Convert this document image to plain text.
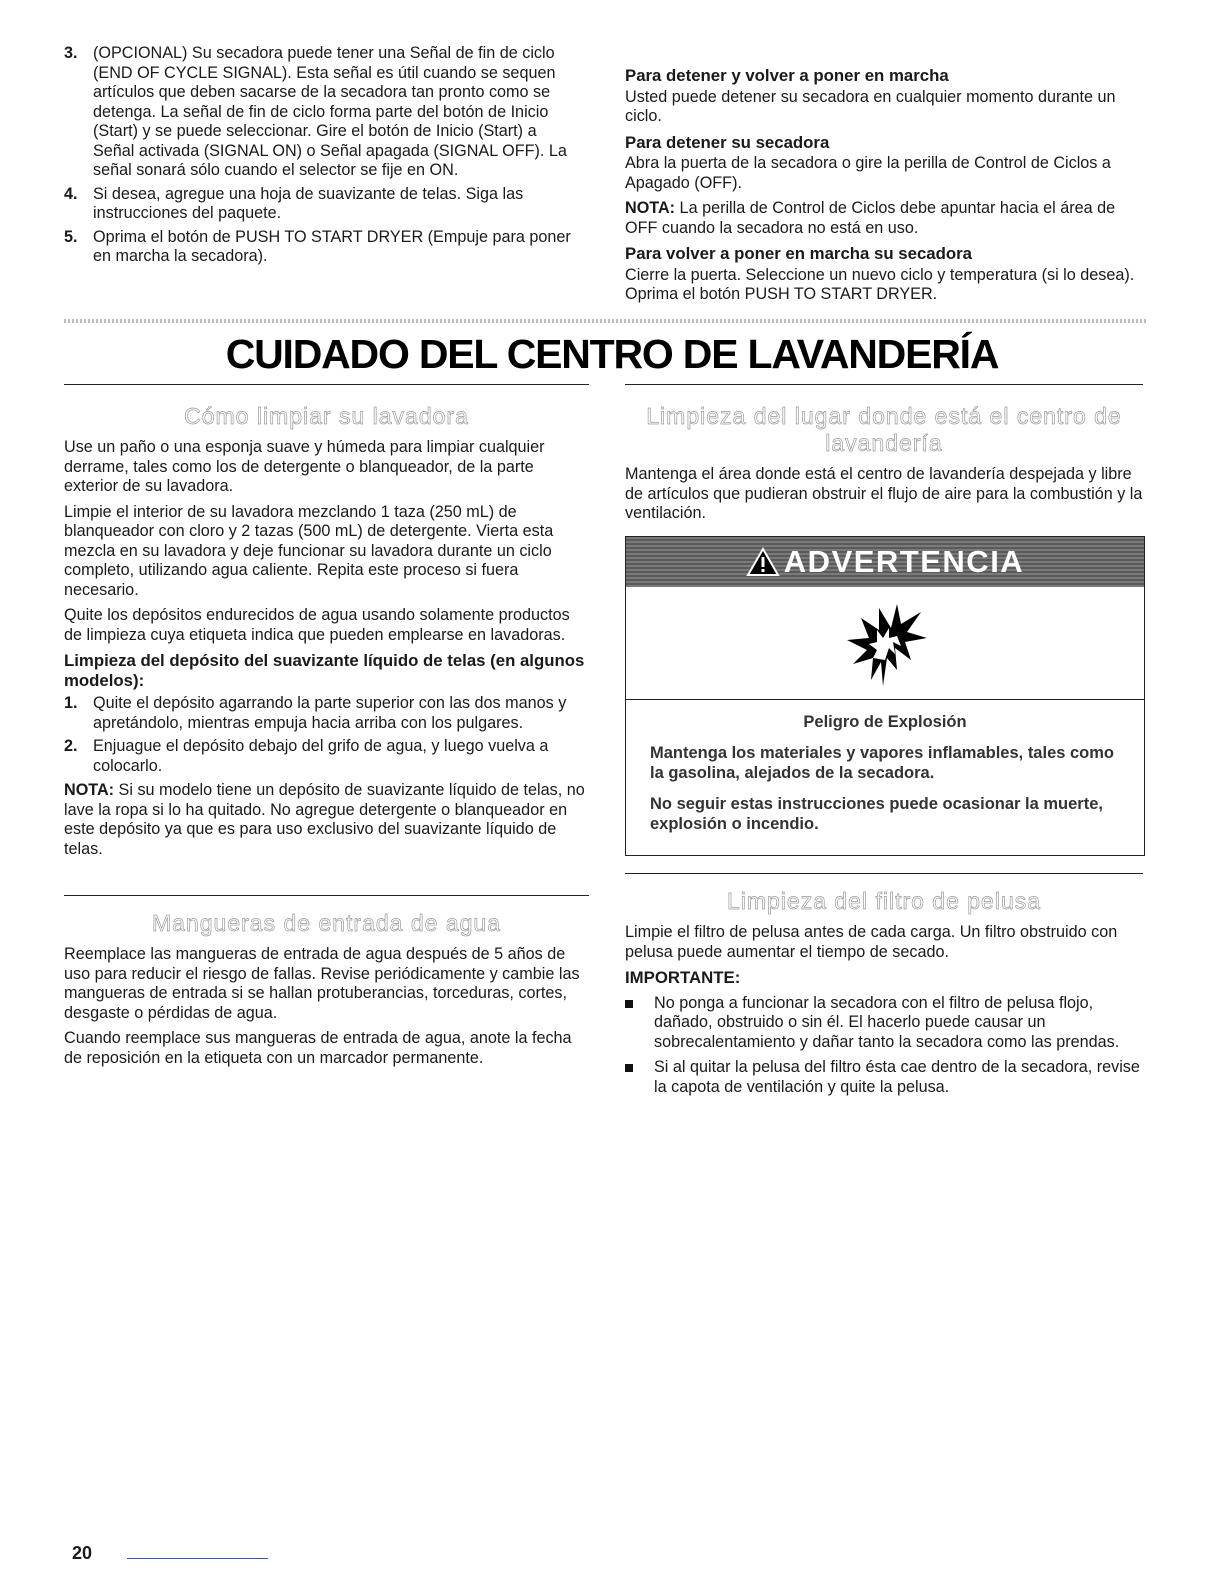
3. (OPCIONAL) Su secadora puede tener una Señal de fin de ciclo (END OF CYCLE SIGNAL). Esta señal es útil cuando se sequen artículos que deben sacarse de la secadora tan pronto como se detenga. La señal de fin de ciclo forma parte del botón de Inicio (Start) y se puede seleccionar. Gire el botón de Inicio (Start) a Señal activada (SIGNAL ON) o Señal apagada (SIGNAL OFF). La señal sonará sólo cuando el selector se fije en ON.
4. Si desea, agregue una hoja de suavizante de telas. Siga las instrucciones del paquete.
5. Oprima el botón de PUSH TO START DRYER (Empuje para poner en marcha la secadora).
Para detener y volver a poner en marcha

Usted puede detener su secadora en cualquier momento durante un ciclo.

Para detener su secadora

Abra la puerta de la secadora o gire la perilla de Control de Ciclos a Apagado (OFF).

NOTA: La perilla de Control de Ciclos debe apuntar hacia el área de OFF cuando la secadora no está en uso.

Para volver a poner en marcha su secadora

Cierre la puerta. Seleccione un nuevo ciclo y temperatura (si lo desea). Oprima el botón PUSH TO START DRYER.

CUIDADO DEL CENTRO DE LAVANDERÍA
Cómo limpiar su lavadora

Use un paño o una esponja suave y húmeda para limpiar cualquier derrame, tales como los de detergente o blanqueador, de la parte exterior de su lavadora.

Limpie el interior de su lavadora mezclando 1 taza (250 mL) de blanqueador con cloro y 2 tazas (500 mL) de detergente. Vierta esta mezcla en su lavadora y deje funcionar su lavadora durante un ciclo completo, utilizando agua caliente. Repita este proceso si fuera necesario.

Quite los depósitos endurecidos de agua usando solamente productos de limpieza cuya etiqueta indica que pueden emplearse en lavadoras.

Limpieza del depósito del suavizante líquido de telas (en algunos modelos):
1. Quite el depósito agarrando la parte superior con las dos manos y apretándolo, mientras empuja hacia arriba con los pulgares.
2. Enjuague el depósito debajo del grifo de agua, y luego vuelva a colocarlo.

NOTA: Si su modelo tiene un depósito de suavizante líquido de telas, no lave la ropa si lo ha quitado. No agregue detergente o blanqueador en este depósito ya que es para uso exclusivo del suavizante líquido de telas.

Mangueras de entrada de agua

Reemplace las mangueras de entrada de agua después de 5 años de uso para reducir el riesgo de fallas. Revise periódicamente y cambie las mangueras de entrada si se hallan protuberancias, torceduras, cortes, desgaste o pérdidas de agua.

Cuando reemplace sus mangueras de entrada de agua, anote la fecha de reposición en la etiqueta con un marcador permanente.

Limpieza del lugar donde está el centro de lavandería

Mantenga el área donde está el centro de lavandería despejada y libre de artículos que pudieran obstruir el flujo de aire para la combustión y la ventilación.

ADVERTENCIA
Peligro de Explosión

Mantenga los materiales y vapores inflamables, tales como la gasolina, alejados de la secadora.

No seguir estas instrucciones puede ocasionar la muerte, explosión o incendio.

Limpieza del filtro de pelusa

Limpie el filtro de pelusa antes de cada carga. Un filtro obstruido con pelusa puede aumentar el tiempo de secado.

IMPORTANTE:
No ponga a funcionar la secadora con el filtro de pelusa flojo, dañado, obstruido o sin él. El hacerlo puede causar un sobrecalentamiento y dañar tanto la secadora como las prendas.
Si al quitar la pelusa del filtro ésta cae dentro de la secadora, revise la capota de ventilación y quite la pelusa.
20
